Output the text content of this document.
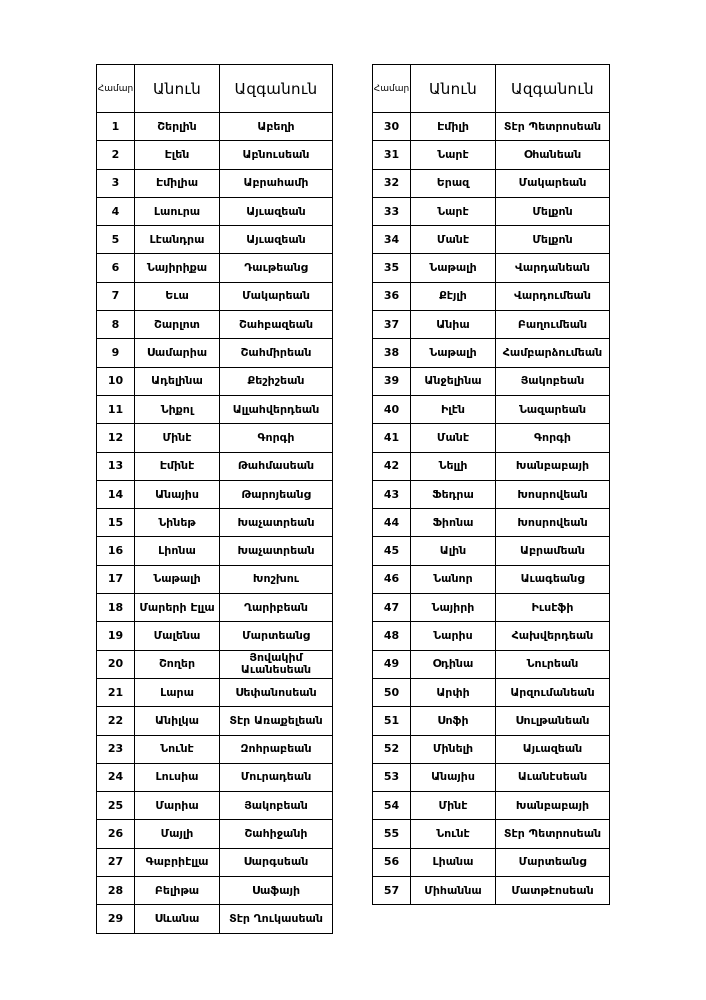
Համար	Անուն	Ազգանուն
1	Շերլին	Աբեղի
2	Էլեն	Աբնուսեան
3	Էմիլիա	Աբրահամի
4	Լաուրա	Այւազեան
5	Լէանդրա	Այւազեան
6	Նայիրիքա	Դաւթեանց
7	Եւա	Մակարեան
8	Շարլոտ	Շահբազեան
9	Սամարիա	Շահմիրեան
10	Ադելինա	Քեշիշեան
11	Նիքոլ	Ալլահվերդեան
12	Մինէ	Գորգի
13	Էմինէ	Թահմասեան
14	Անայիս	Թարոյեանց
15	Նինեթ	Խաչատրեան
16	Լիոնա	Խաչատրեան
17	Նաթալի	Խոշխու
18	Մարերի Էլլա	Ղարիբեան
19	Մալենա	Մարտեանց
20	Շողեր	Յովակիմ Աւանեսեան
21	Լարա	Սեփանոսեան
22	Անիլկա	Տէր Առաքելեան
23	Նունէ	Զոհրաբեան
24	Լուսիա	Մուրադեան
25	Մարիա	Յակոբեան
26	Մայլի	Շահիջանի
27	Գաբրիէլլա	Սարգսեան
28	Բելիթա	Սաֆայի
29	Սևանա	Տէր Ղուկասեան
Համար	Անուն	Ազգանուն
30	Էմիլի	Տէր Պետրոսեան
31	Նարէ	Օհանեան
32	Երազ	Մակարեան
33	Նարէ	Մելքոն
34	Մանէ	Մելքոն
35	Նաթալի	Վարդանեան
36	Քէյլի	Վարդումեան
37	Անիա	Բաղումեան
38	Նաթալի	Համբարձումեան
39	Անջելինա	Յակոբեան
40	Իլէն	Նազարեան
41	Մանէ	Գորգի
42	Նելլի	Խանբաբայի
43	Ֆեդրա	Խոսրովեան
44	Ֆիոնա	Խոսրովեան
45	Ալին	Աբրամեան
46	Նանոր	Աւագեանց
47	Նայիրի	Իւսէֆի
48	Նարիս	Հախվերդեան
49	Օդինա	Նուրեան
50	Արփի	Արզումանեան
51	Սոֆի	Սուլթանեան
52	Մինելի	Այւազեան
53	Անայիս	Աւանէսեան
54	Մինէ	Խանբաբայի
55	Նունէ	Տէր Պետրոսեան
56	Լիանա	Մարտեանց
57	Միհաննա	Մատթէոսեան
